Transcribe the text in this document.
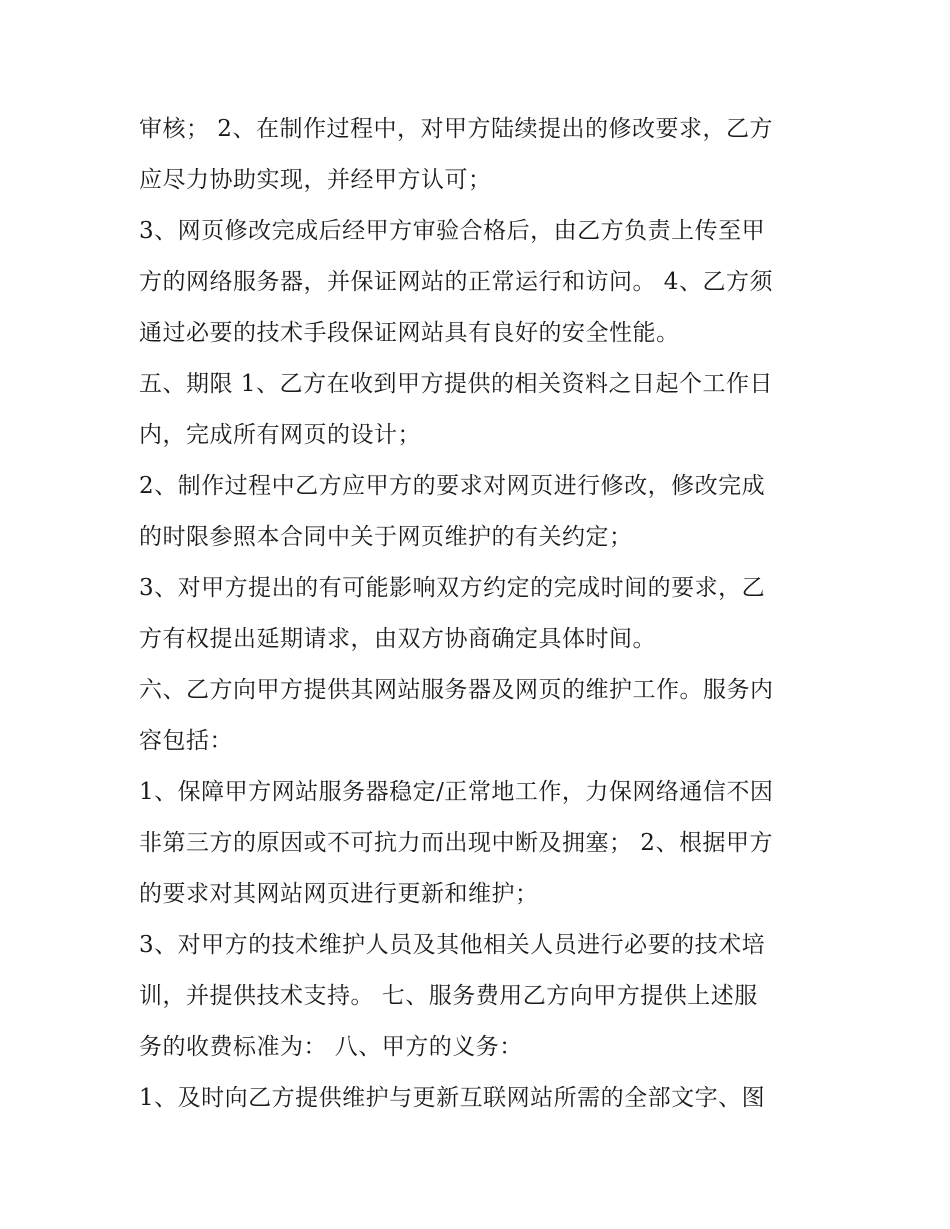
审核； 2、在制作过程中，对甲方陆续提出的修改要求，乙方
应尽力协助实现，并经甲方认可；
3、网页修改完成后经甲方审验合格后，由乙方负责上传至甲
方的网络服务器，并保证网站的正常运行和访问。 4、乙方须
通过必要的技术手段保证网站具有良好的安全性能。
五、期限 1、乙方在收到甲方提供的相关资料之日起个工作日
内，完成所有网页的设计；
2、制作过程中乙方应甲方的要求对网页进行修改，修改完成
的时限参照本合同中关于网页维护的有关约定；
3、对甲方提出的有可能影响双方约定的完成时间的要求，乙
方有权提出延期请求，由双方协商确定具体时间。
六、乙方向甲方提供其网站服务器及网页的维护工作。服务内
容包括：
1、保障甲方网站服务器稳定/正常地工作，力保网络通信不因
非第三方的原因或不可抗力而出现中断及拥塞； 2、根据甲方
的要求对其网站网页进行更新和维护；
3、对甲方的技术维护人员及其他相关人员进行必要的技术培
训，并提供技术支持。 七、服务费用乙方向甲方提供上述服
务的收费标准为： 八、甲方的义务：
1、及时向乙方提供维护与更新互联网站所需的全部文字、图
